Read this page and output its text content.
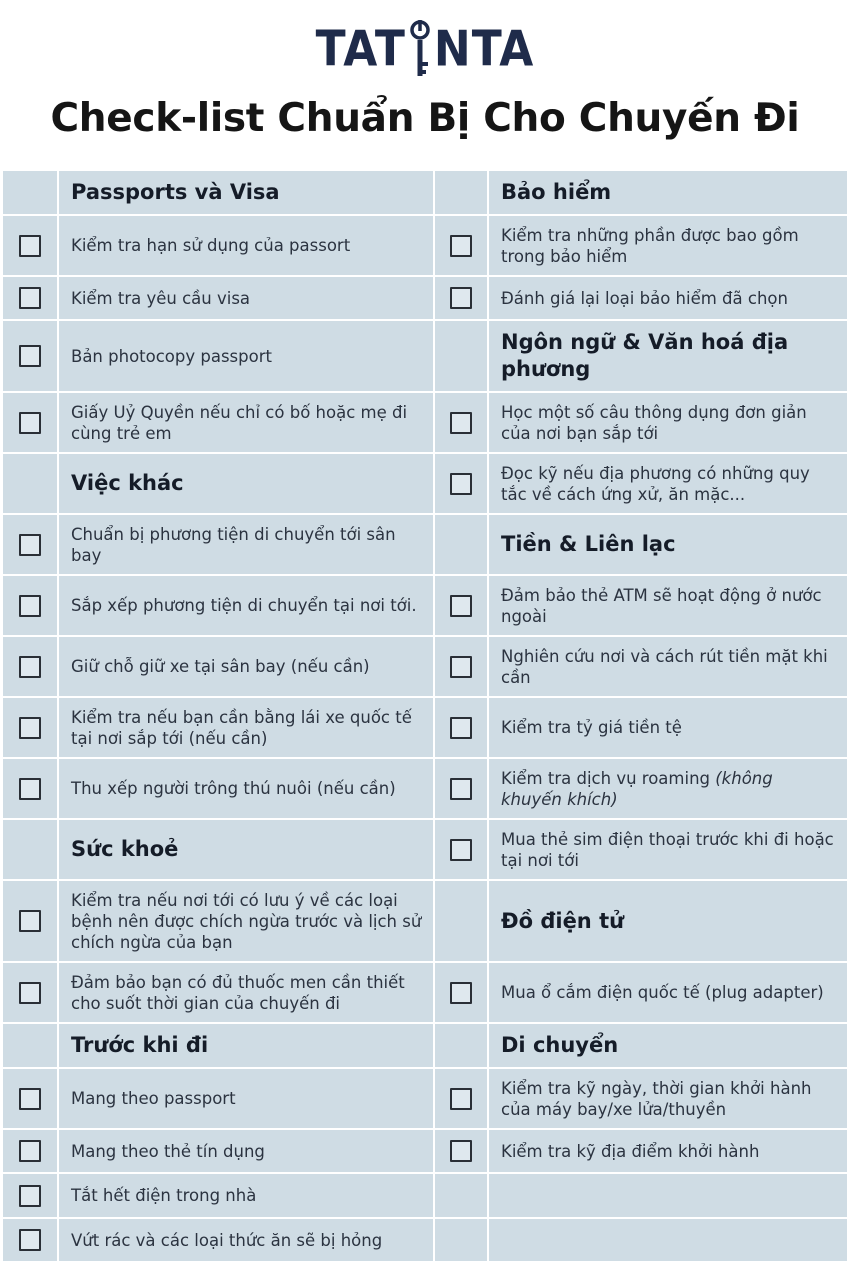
TAT NTA
Check-list Chuẩn Bị Cho Chuyến Đi
Passports và Visa
Kiểm tra hạn sử dụng của passort
Kiểm tra yêu cầu visa
Bản photocopy passport
Giấy Uỷ Quyền nếu chỉ có bố hoặc mẹ đi cùng trẻ em
Việc khác
Chuẩn bị phương tiện di chuyển tới sân bay
Sắp xếp phương tiện di chuyển tại nơi tới.
Giữ chỗ giữ xe tại sân bay (nếu cần)
Kiểm tra nếu bạn cần bằng lái xe quốc tế tại nơi sắp tới (nếu cần)
Thu xếp người trông thú nuôi (nếu cần)
Sức khoẻ
Kiểm tra nếu nơi tới có lưu ý về các loại bệnh nên được chích ngừa trước và lịch sử chích ngừa của bạn
Đảm bảo bạn có đủ thuốc men cần thiết cho suốt thời gian của chuyến đi
Trước khi đi
Mang theo passport
Mang theo thẻ tín dụng
Tắt hết điện trong nhà
Vứt rác và các loại thức ăn sẽ bị hỏng
Bảo hiểm
Kiểm tra những phần được bao gồm trong bảo hiểm
Đánh giá lại loại bảo hiểm đã chọn
Ngôn ngữ & Văn hoá địa phương
Học một số câu thông dụng đơn giản của nơi bạn sắp tới
Đọc kỹ nếu địa phương có những quy tắc về cách ứng xử, ăn mặc...
Tiền & Liên lạc
Đảm bảo thẻ ATM sẽ hoạt động ở nước ngoài
Nghiên cứu nơi và cách rút tiền mặt khi cần
Kiểm tra tỷ giá tiền tệ
Kiểm tra dịch vụ roaming (không khuyến khích)
Mua thẻ sim điện thoại trước khi đi hoặc tại nơi tới
Đồ điện tử
Mua ổ cắm điện quốc tế (plug adapter)
Di chuyển
Kiểm tra kỹ ngày, thời gian khởi hành của máy bay/xe lửa/thuyền
Kiểm tra kỹ địa điểm khởi hành
